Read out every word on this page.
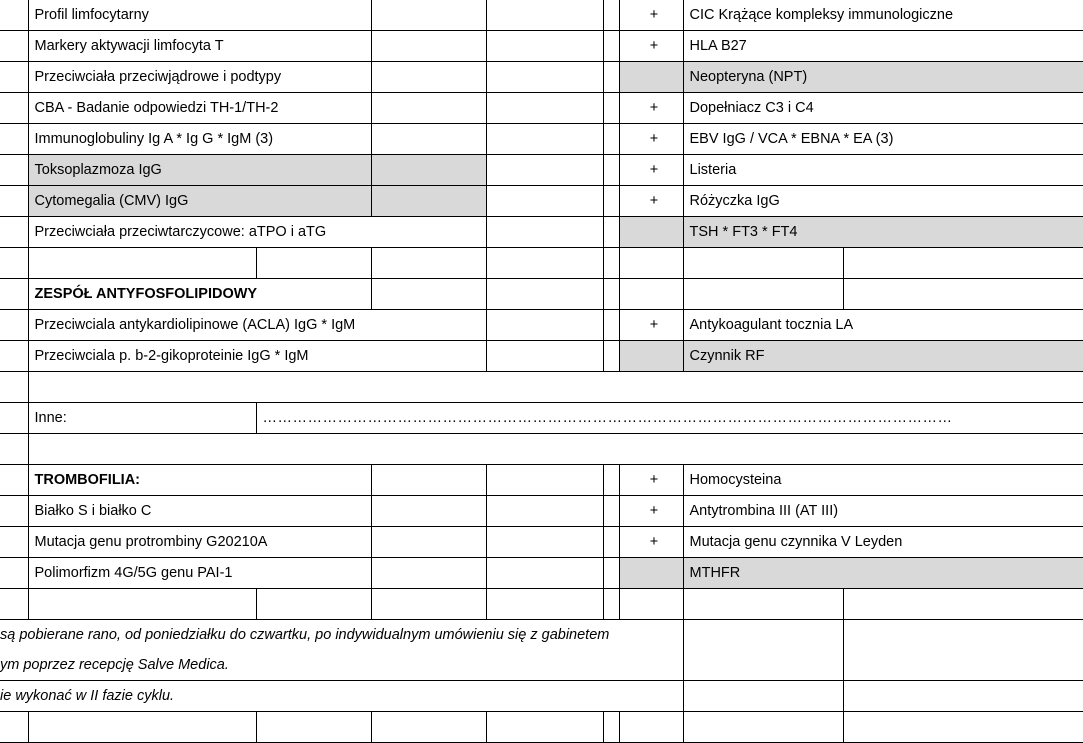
	Profil limfocytarny					+	CIC Krążące kompleksy immunologiczne	
	Markery aktywacji limfocyta T					+	HLA B27	
	Przeciwciała przeciwjądrowe i podtypy						Neopteryna (NPT)	
	CBA - Badanie odpowiedzi TH-1/TH-2					+	Dopełniacz C3 i C4	
	Immunoglobuliny Ig A * Ig G * IgM (3)					+	EBV IgG / VCA * EBNA * EA (3)	
	Toksoplazmoza IgG					+	Listeria	
	Cytomegalia (CMV) IgG					+	Różyczka IgG	
	Przeciwciała przeciwtarczycowe: aTPO i aTG						TSH * FT3 * FT4	

	ZESPÓŁ ANTYFOSFOLIPIDOWY							
	Przeciwciala antykardiolipinowe (ACLA) IgG * IgM					+	Antykoagulant tocznia LA	
	Przeciwciala p. b-2-gikoproteinie IgG * IgM						Czynnik RF	

	Inne:	…………………………………………………………………………………………………………………………						

	TROMBOFILIA:					+	Homocysteina	
	Białko S i białko C					+	Antytrombina III (AT III)	
	Mutacja genu protrombiny G20210A					+	Mutacja genu czynnika V Leyden	
	Polimorfizm 4G/5G genu PAI-1						MTHFR	

są pobierane rano, od poniedziałku do czwartku, po indywidualnym umówieniu się z gabinetem								
ym poprzez recepcję Salve Medica.								
ie wykonać w II fazie cyklu.								
